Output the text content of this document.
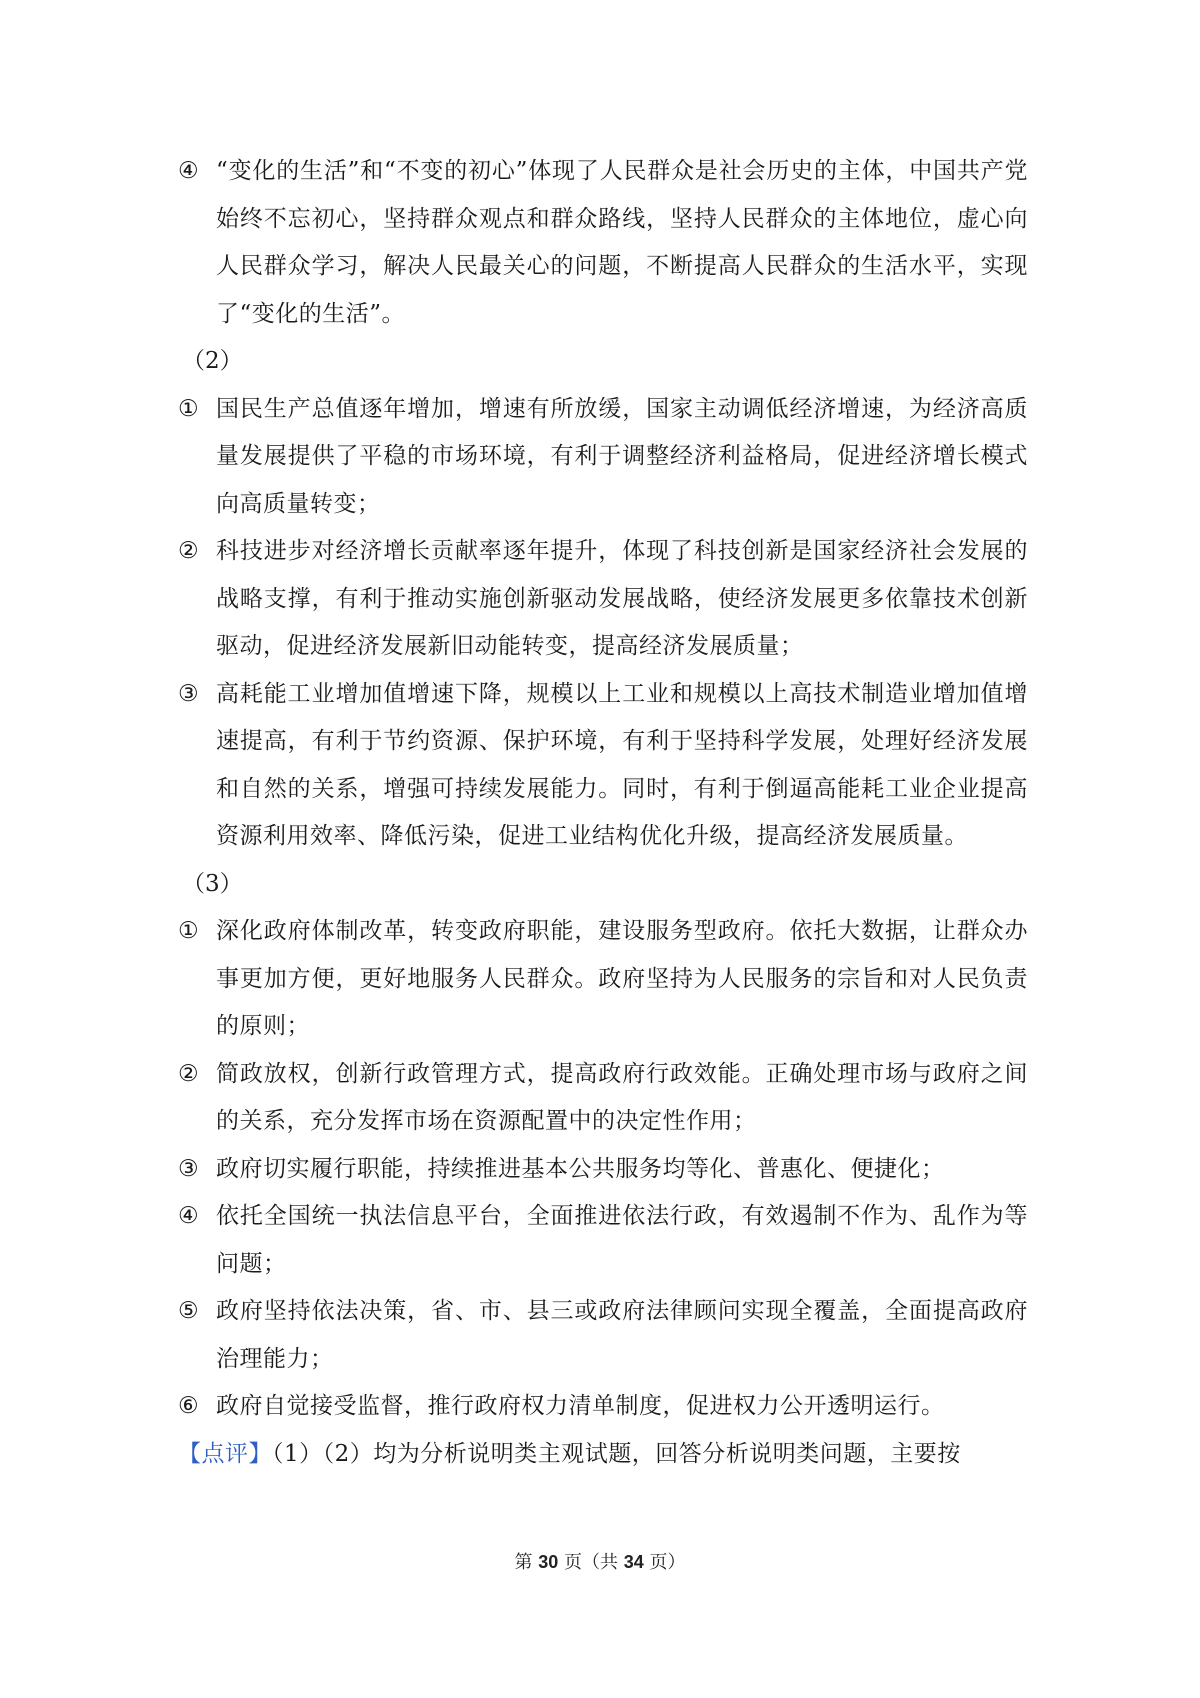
④ “变化的生活”和“不变的初心”体现了人民群众是社会历史的主体，中国共产党始终不忘初心，坚持群众观点和群众路线，坚持人民群众的主体地位，虚心向人民群众学习，解决人民最关心的问题，不断提高人民群众的生活水平，实现了“变化的生活”。
（2）
① 国民生产总值逐年增加，增速有所放缓，国家主动调低经济增速，为经济高质量发展提供了平稳的市场环境，有利于调整经济利益格局，促进经济增长模式向高质量转变；
② 科技进步对经济增长贡献率逐年提升，体现了科技创新是国家经济社会发展的战略支撑，有利于推动实施创新驱动发展战略，使经济发展更多依靠技术创新驱动，促进经济发展新旧动能转变，提高经济发展质量；
③ 高耗能工业增加值增速下降，规模以上工业和规模以上高技术制造业增加值增速提高，有利于节约资源、保护环境，有利于坚持科学发展，处理好经济发展和自然的关系，增强可持续发展能力。同时，有利于倒逼高能耗工业企业提高资源利用效率、降低污染，促进工业结构优化升级，提高经济发展质量。
（3）
① 深化政府体制改革，转变政府职能，建设服务型政府。依托大数据，让群众办事更加方便，更好地服务人民群众。政府坚持为人民服务的宗旨和对人民负责的原则；
② 简政放权，创新行政管理方式，提高政府行政效能。正确处理市场与政府之间的关系，充分发挥市场在资源配置中的决定性作用；
③ 政府切实履行职能，持续推进基本公共服务均等化、普惠化、便捷化；
④ 依托全国统一执法信息平台，全面推进依法行政，有效遏制不作为、乱作为等问题；
⑤ 政府坚持依法决策，省、市、县三或政府法律顾问实现全覆盖，全面提高政府治理能力；
⑥ 政府自觉接受监督，推行政府权力清单制度，促进权力公开透明运行。
【点评】（1）（2）均为分析说明类主观试题，回答分析说明类问题，主要按
第 30 页（共 34 页）
